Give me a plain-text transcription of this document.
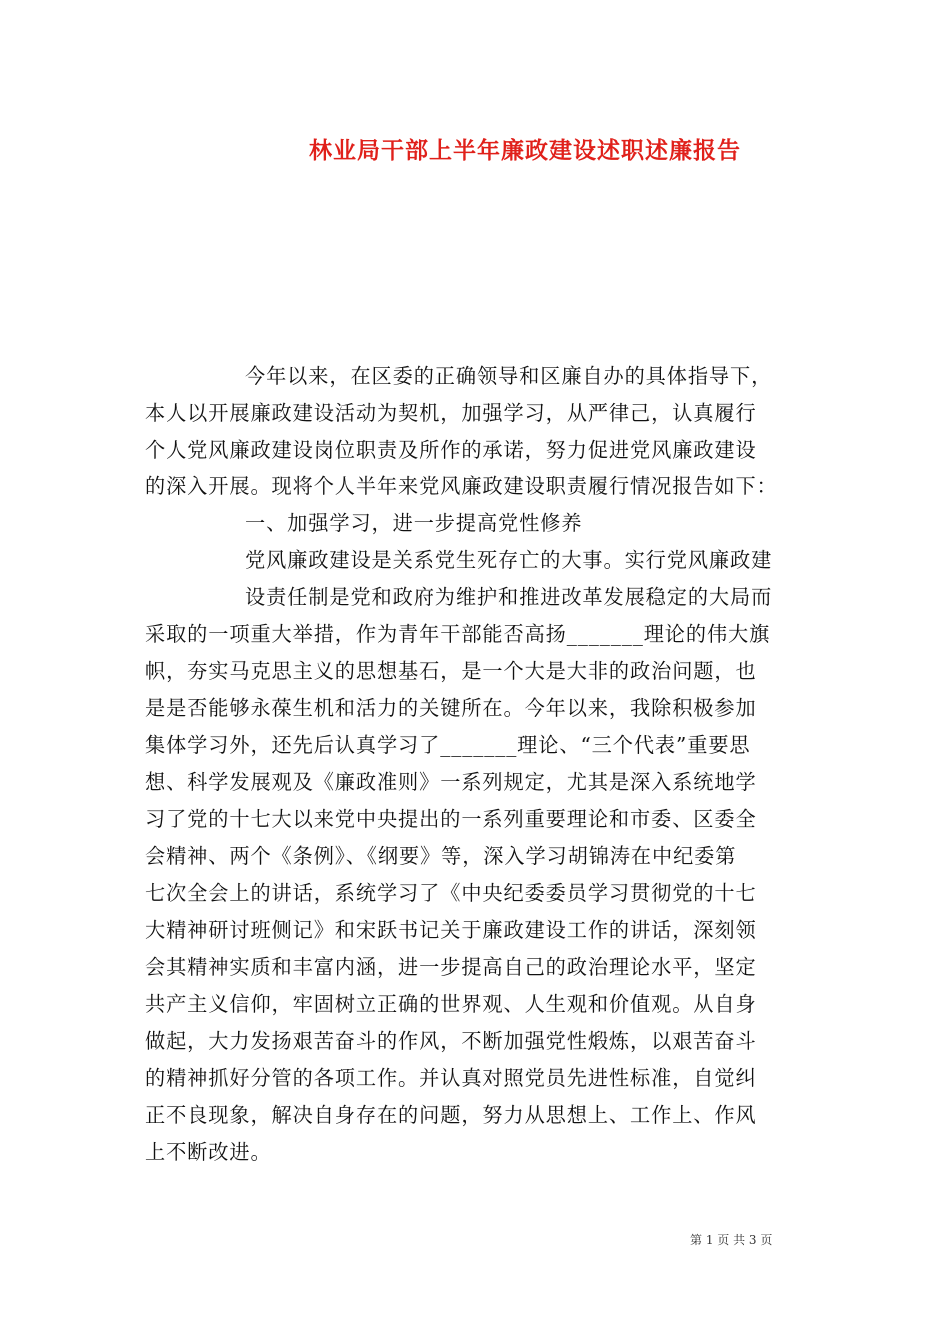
林业局干部上半年廉政建设述职述廉报告
今年以来，在区委的正确领导和区廉自办的具体指导下，
本人以开展廉政建设活动为契机，加强学习，从严律己，认真履行
个人党风廉政建设岗位职责及所作的承诺，努力促进党风廉政建设
的深入开展。现将个人半年来党风廉政建设职责履行情况报告如下：
一、加强学习，进一步提高党性修养
党风廉政建设是关系党生死存亡的大事。实行党风廉政建
设责任制是党和政府为维护和推进改革发展稳定的大局而
采取的一项重大举措，作为青年干部能否高扬_______理论的伟大旗
帜，夯实马克思主义的思想基石，是一个大是大非的政治问题，也
是是否能够永葆生机和活力的关键所在。今年以来，我除积极参加
集体学习外，还先后认真学习了_______理论、“三个代表”重要思
想、科学发展观及《廉政准则》一系列规定，尤其是深入系统地学
习了党的十七大以来党中央提出的一系列重要理论和市委、区委全
会精神、两个《条例》、《纲要》等，深入学习胡锦涛在中纪委第
七次全会上的讲话，系统学习了《中央纪委委员学习贯彻党的十七
大精神研讨班侧记》和宋跃书记关于廉政建设工作的讲话，深刻领
会其精神实质和丰富内涵，进一步提高自己的政治理论水平，坚定
共产主义信仰，牢固树立正确的世界观、人生观和价值观。从自身
做起，大力发扬艰苦奋斗的作风，不断加强党性煅炼，以艰苦奋斗
的精神抓好分管的各项工作。并认真对照党员先进性标准，自觉纠
正不良现象，解决自身存在的问题，努力从思想上、工作上、作风
上不断改进。
第 1 页 共 3 页
